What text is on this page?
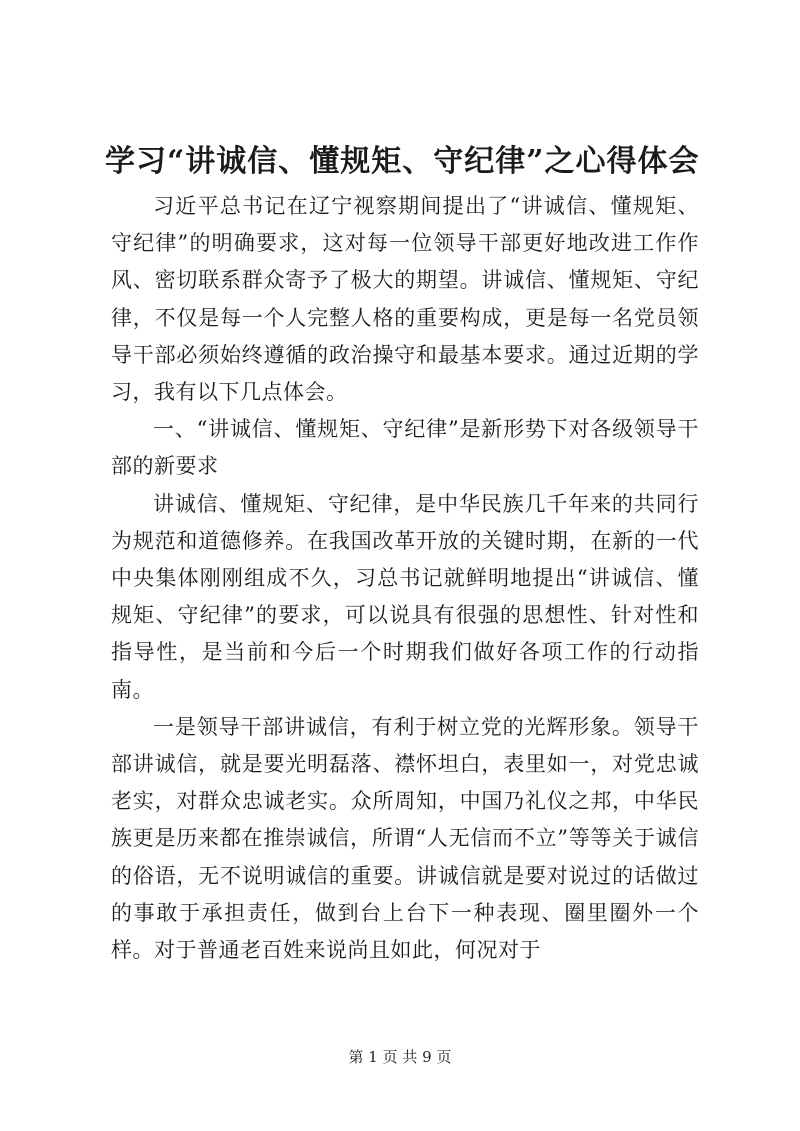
学习“讲诚信、懂规矩、守纪律”之心得体会

习近平总书记在辽宁视察期间提出了“讲诚信、懂规矩、守纪律”的明确要求，这对每一位领导干部更好地改进工作作风、密切联系群众寄予了极大的期望。讲诚信、懂规矩、守纪律，不仅是每一个人完整人格的重要构成，更是每一名党员领导干部必须始终遵循的政治操守和最基本要求。通过近期的学习，我有以下几点体会。

一、“讲诚信、懂规矩、守纪律”是新形势下对各级领导干部的新要求

讲诚信、懂规矩、守纪律，是中华民族几千年来的共同行为规范和道德修养。在我国改革开放的关键时期，在新的一代中央集体刚刚组成不久，习总书记就鲜明地提出“讲诚信、懂规矩、守纪律”的要求，可以说具有很强的思想性、针对性和指导性，是当前和今后一个时期我们做好各项工作的行动指南。

一是领导干部讲诚信，有利于树立党的光辉形象。领导干部讲诚信，就是要光明磊落、襟怀坦白，表里如一，对党忠诚老实，对群众忠诚老实。众所周知，中国乃礼仪之邦，中华民族更是历来都在推崇诚信，所谓“人无信而不立”等等关于诚信的俗语，无不说明诚信的重要。讲诚信就是要对说过的话做过的事敢于承担责任，做到台上台下一种表现、圈里圈外一个样。对于普通老百姓来说尚且如此，何况对于

第 1 页 共 9 页
